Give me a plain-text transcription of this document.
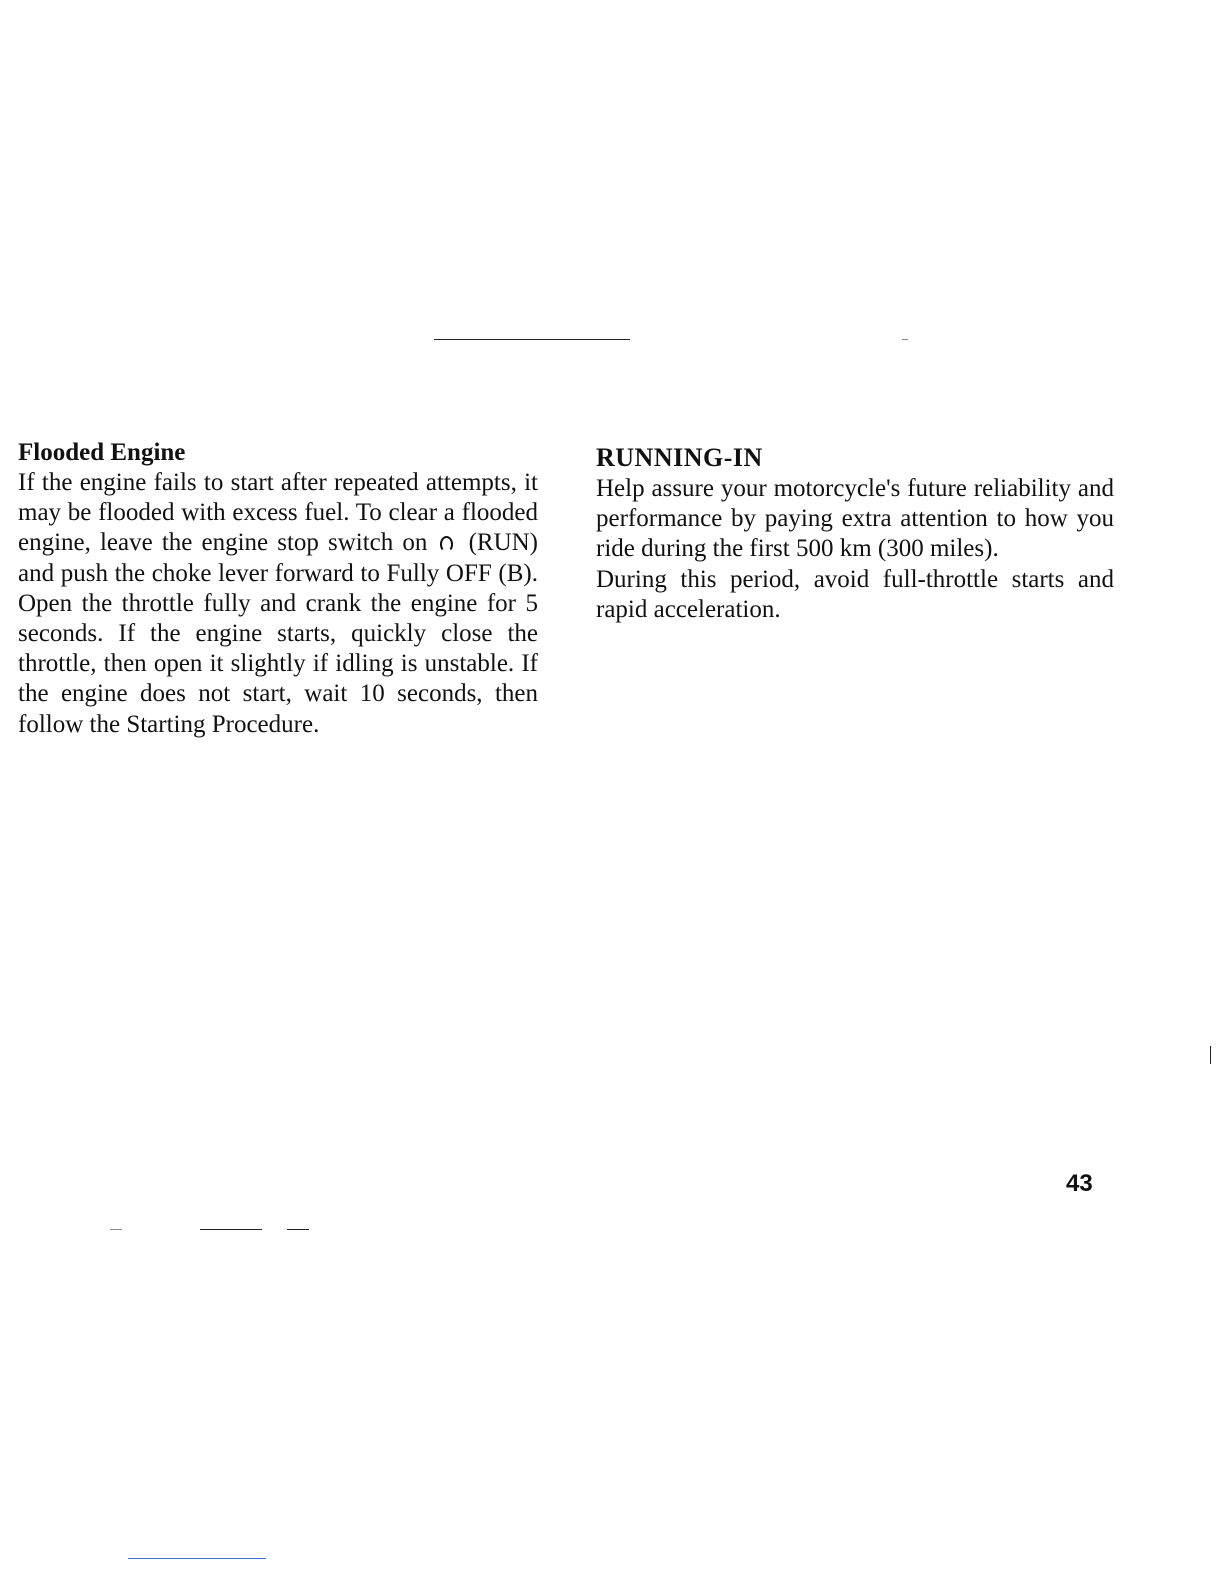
Flooded Engine

If the engine fails to start after repeated attempts, it may be flooded with excess fuel. To clear a flooded engine, leave the engine stop switch on  (RUN) and push the choke lever forward to Fully OFF (B). Open the throttle fully and crank the engine for 5 seconds. If the engine starts, quickly close the throttle, then open it slightly if idling is unstable. If the engine does not start, wait 10 seconds, then follow the Starting Procedure.

RUNNING-IN

Help assure your motorcycle's future reliability and performance by paying extra attention to how you ride during the first 500 km (300 miles).

During this period, avoid full-throttle starts and rapid acceleration.

43
